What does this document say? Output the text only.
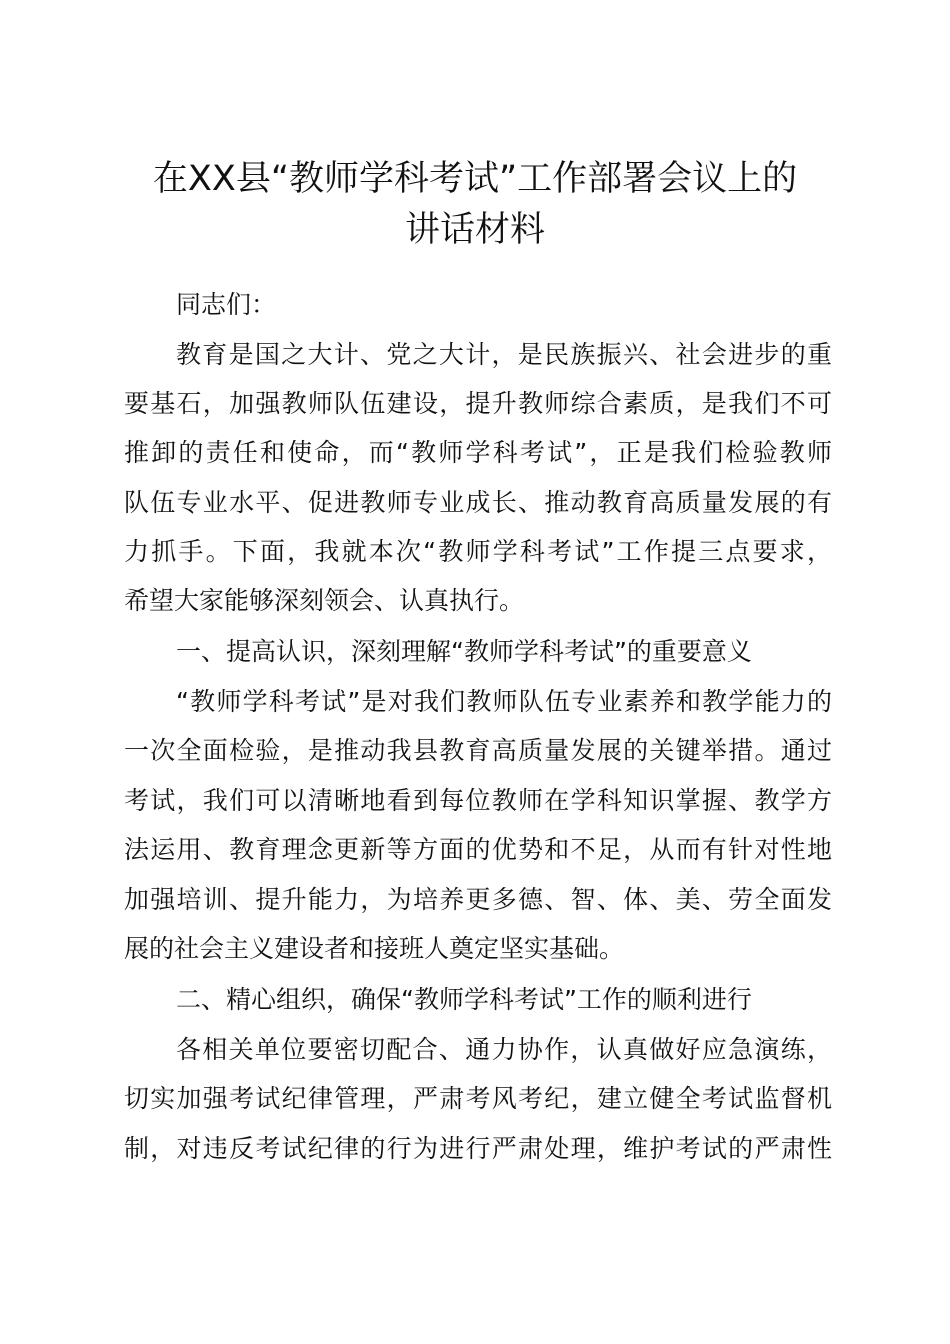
在XX县“教师学科考试”工作部署会议上的
讲话材料

同志们：

教育是国之大计、党之大计，是民族振兴、社会进步的重

要基石，加强教师队伍建设，提升教师综合素质，是我们不可

推卸的责任和使命，而“教师学科考试”，正是我们检验教师

队伍专业水平、促进教师专业成长、推动教育高质量发展的有

力抓手。下面，我就本次“教师学科考试”工作提三点要求，

希望大家能够深刻领会、认真执行。

一、提高认识，深刻理解“教师学科考试”的重要意义

“教师学科考试”是对我们教师队伍专业素养和教学能力的

一次全面检验，是推动我县教育高质量发展的关键举措。通过

考试，我们可以清晰地看到每位教师在学科知识掌握、教学方

法运用、教育理念更新等方面的优势和不足，从而有针对性地

加强培训、提升能力，为培养更多德、智、体、美、劳全面发

展的社会主义建设者和接班人奠定坚实基础。

二、精心组织，确保“教师学科考试”工作的顺利进行

各相关单位要密切配合、通力协作，认真做好应急演练，

切实加强考试纪律管理，严肃考风考纪，建立健全考试监督机

制，对违反考试纪律的行为进行严肃处理，维护考试的严肃性
